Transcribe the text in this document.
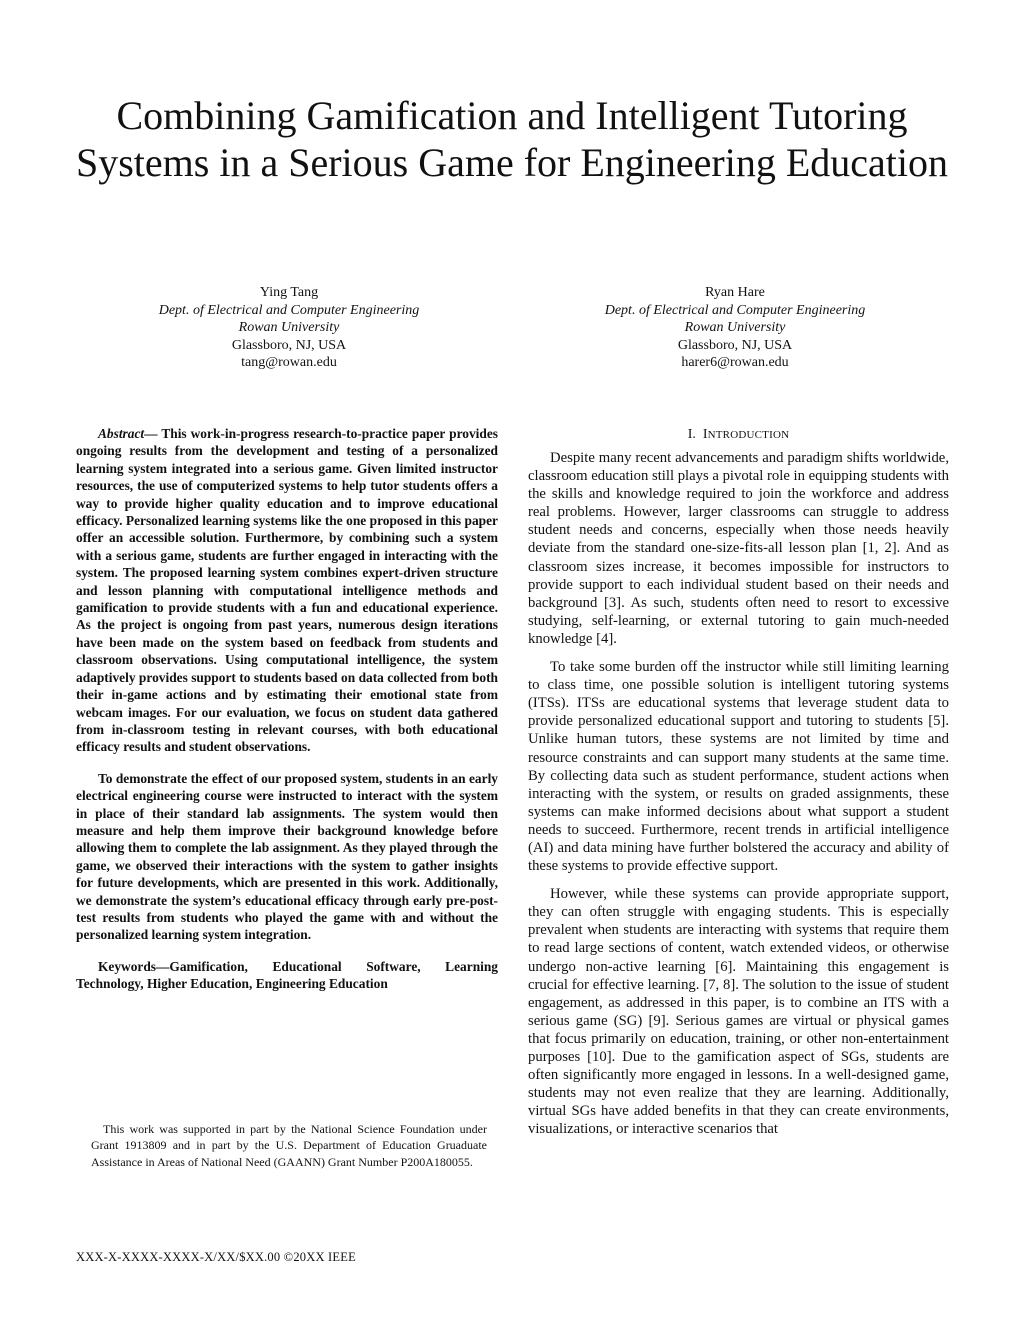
Combining Gamification and Intelligent Tutoring Systems in a Serious Game for Engineering Education
Ying Tang
Dept. of Electrical and Computer Engineering
Rowan University
Glassboro, NJ, USA
tang@rowan.edu
Ryan Hare
Dept. of Electrical and Computer Engineering
Rowan University
Glassboro, NJ, USA
harer6@rowan.edu

Abstract— This work-in-progress research-to-practice paper provides ongoing results from the development and testing of a personalized learning system integrated into a serious game. Given limited instructor resources, the use of computerized systems to help tutor students offers a way to provide higher quality education and to improve educational efficacy. Personalized learning systems like the one proposed in this paper offer an accessible solution. Furthermore, by combining such a system with a serious game, students are further engaged in interacting with the system. The proposed learning system combines expert-driven structure and lesson planning with computational intelligence methods and gamification to provide students with a fun and educational experience. As the project is ongoing from past years, numerous design iterations have been made on the system based on feedback from students and classroom observations. Using computational intelligence, the system adaptively provides support to students based on data collected from both their in-game actions and by estimating their emotional state from webcam images. For our evaluation, we focus on student data gathered from in-classroom testing in relevant courses, with both educational efficacy results and student observations.

To demonstrate the effect of our proposed system, students in an early electrical engineering course were instructed to interact with the system in place of their standard lab assignments. The system would then measure and help them improve their background knowledge before allowing them to complete the lab assignment. As they played through the game, we observed their interactions with the system to gather insights for future developments, which are presented in this work. Additionally, we demonstrate the system’s educational efficacy through early pre-post-test results from students who played the game with and without the personalized learning system integration.

Keywords—Gamification, Educational Software, Learning Technology, Higher Education, Engineering Education

This work was supported in part by the National Science Foundation under Grant 1913809 and in part by the U.S. Department of Education Gruaduate Assistance in Areas of National Need (GAANN) Grant Number P200A180055.

XXX-X-XXXX-XXXX-X/XX/$XX.00 ©20XX IEEE
I. INTRODUCTION

Despite many recent advancements and paradigm shifts worldwide, classroom education still plays a pivotal role in equipping students with the skills and knowledge required to join the workforce and address real problems. However, larger classrooms can struggle to address student needs and concerns, especially when those needs heavily deviate from the standard one-size-fits-all lesson plan [1, 2]. And as classroom sizes increase, it becomes impossible for instructors to provide support to each individual student based on their needs and background [3]. As such, students often need to resort to excessive studying, self-learning, or external tutoring to gain much-needed knowledge [4].

To take some burden off the instructor while still limiting learning to class time, one possible solution is intelligent tutoring systems (ITSs). ITSs are educational systems that leverage student data to provide personalized educational support and tutoring to students [5]. Unlike human tutors, these systems are not limited by time and resource constraints and can support many students at the same time. By collecting data such as student performance, student actions when interacting with the system, or results on graded assignments, these systems can make informed decisions about what support a student needs to succeed. Furthermore, recent trends in artificial intelligence (AI) and data mining have further bolstered the accuracy and ability of these systems to provide effective support.

However, while these systems can provide appropriate support, they can often struggle with engaging students. This is especially prevalent when students are interacting with systems that require them to read large sections of content, watch extended videos, or otherwise undergo non-active learning [6]. Maintaining this engagement is crucial for effective learning. [7, 8]. The solution to the issue of student engagement, as addressed in this paper, is to combine an ITS with a serious game (SG) [9]. Serious games are virtual or physical games that focus primarily on education, training, or other non-entertainment purposes [10]. Due to the gamification aspect of SGs, students are often significantly more engaged in lessons. In a well-designed game, students may not even realize that they are learning. Additionally, virtual SGs have added benefits in that they can create environments, visualizations, or interactive scenarios that
